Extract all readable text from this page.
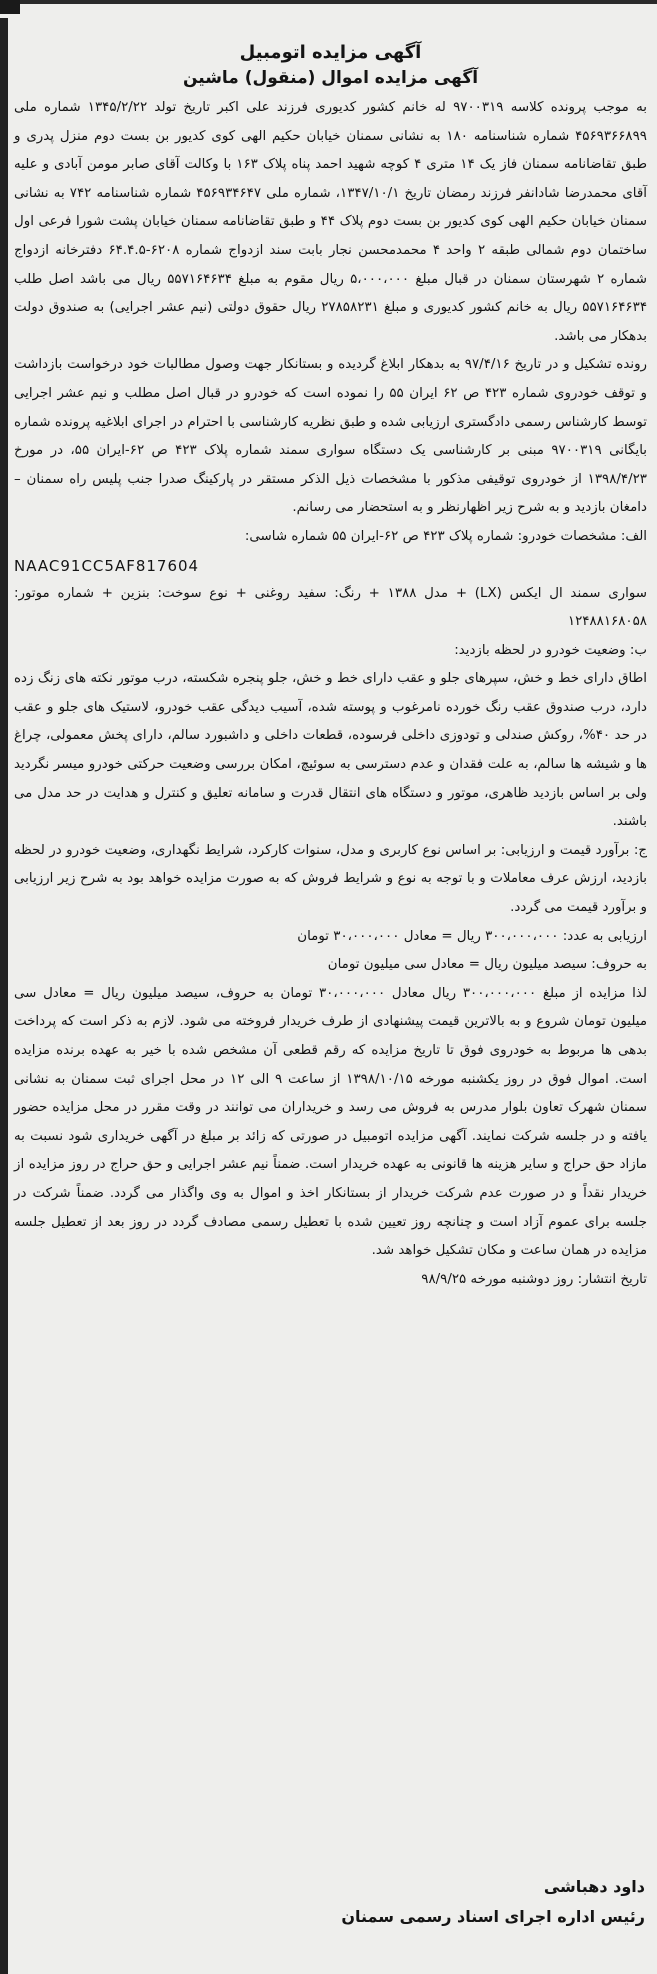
آگهی مزایده اتومبیل

آگهی مزایده اموال (منقول) ماشین

به موجب پرونده کلاسه ۹۷۰۰۳۱۹ له خانم کشور کدیوری فرزند علی اکبر تاریخ تولد ۱۳۴۵/۲/۲۲ شماره ملی ۴۵۶۹۳۶۶۸۹۹ شماره شناسنامه ۱۸۰ به نشانی سمنان خیابان حکیم الهی کوی کدیور بن بست دوم منزل پدری و طبق تقاضانامه سمنان فاز یک ۱۴ متری ۴ کوچه شهید احمد پناه پلاک ۱۶۳ با وکالت آقای صابر مومن آبادی و علیه آقای محمدرضا شادانفر فرزند رمضان تاریخ ۱۳۴۷/۱۰/۱، شماره ملی ۴۵۶۹۳۴۶۴۷ شماره شناسنامه ۷۴۲ به نشانی سمنان خیابان حکیم الهی کوی کدیور بن بست دوم پلاک ۴۴ و طبق تقاضانامه سمنان خیابان پشت شورا فرعی اول ساختمان دوم شمالی طبقه ۲ واحد ۴ محمدمحسن نجار بابت سند ازدواج شماره ۶۲۰۸-۶۴.۴.۵ دفترخانه ازدواج شماره ۲ شهرستان سمنان در قبال مبلغ ۵،۰۰۰،۰۰۰ ریال مقوم به مبلغ ۵۵۷۱۶۴۶۳۴ ریال می باشد اصل طلب ۵۵۷۱۶۴۶۳۴ ریال به خانم کشور کدیوری و مبلغ ۲۷۸۵۸۲۳۱ ریال حقوق دولتی (نیم عشر اجرایی) به صندوق دولت بدهکار می باشد.

رونده تشکیل و در تاریخ ۹۷/۴/۱۶ به بدهکار ابلاغ گردیده و بستانکار جهت وصول مطالبات خود درخواست بازداشت و توقف خودروی شماره ۴۲۳ ص ۶۲ ایران ۵۵ را نموده است که خودرو در قبال اصل مطلب و نیم عشر اجرایی توسط کارشناس رسمی دادگستری ارزیابی شده و طبق نظریه کارشناسی با احترام در اجرای ابلاغیه پرونده شماره بایگانی ۹۷۰۰۳۱۹ مبنی بر کارشناسی یک دستگاه سواری سمند شماره پلاک ۴۲۳ ص ۶۲-ایران ۵۵، در مورخ ۱۳۹۸/۴/۲۳ از خودروی توقیفی مذکور با مشخصات ذیل الذکر مستقر در پارکینگ صدرا جنب پلیس راه سمنان – دامغان بازدید و به شرح زیر اظهارنظر و به استحضار می رسانم.

الف: مشخصات خودرو: شماره پلاک ۴۲۳ ص ۶۲-ایران ۵۵ شماره شاسی:

NAAC91CC5AF817604

سواری سمند ال ایکس (LX) + مدل ۱۳۸۸ + رنگ: سفید روغنی + نوع سوخت: بنزین + شماره موتور: ۱۲۴۸۸۱۶۸۰۵۸

ب: وضعیت خودرو در لحظه بازدید:

اطاق دارای خط و خش، سپرهای جلو و عقب دارای خط و خش، جلو پنجره شکسته، درب موتور نکته های زنگ زده دارد، درب صندوق عقب رنگ خورده نامرغوب و پوسته شده، آسیب دیدگی عقب خودرو، لاستیک های جلو و عقب در حد ۴۰%، روکش صندلی و تودوزی داخلی فرسوده، قطعات داخلی و داشبورد سالم، دارای پخش معمولی، چراغ ها و شیشه ها سالم، به علت فقدان و عدم دسترسی به سوئیچ، امکان بررسی وضعیت حرکتی خودرو میسر نگردید ولی بر اساس بازدید ظاهری، موتور و دستگاه های انتقال قدرت و سامانه تعلیق و کنترل و هدایت در حد مدل می باشند.

ج: برآورد قیمت و ارزیابی: بر اساس نوع کاربری و مدل، سنوات کارکرد، شرایط نگهداری، وضعیت خودرو در لحظه بازدید، ارزش عرف معاملات و با توجه به نوع و شرایط فروش که به صورت مزایده خواهد بود به شرح زیر ارزیابی و برآورد قیمت می گردد.

ارزیابی به عدد: ۳۰۰،۰۰۰،۰۰۰ ریال = معادل ۳۰،۰۰۰،۰۰۰ تومان

به حروف: سیصد میلیون ریال = معادل سی میلیون تومان

لذا مزایده از مبلغ ۳۰۰،۰۰۰،۰۰۰ ریال معادل ۳۰،۰۰۰،۰۰۰ تومان به حروف، سیصد میلیون ریال = معادل سی میلیون تومان شروع و به بالاترین قیمت پیشنهادی از طرف خریدار فروخته می شود. لازم به ذکر است که پرداخت بدهی ها مربوط به خودروی فوق تا تاریخ مزایده که رقم قطعی آن مشخص شده با خیر به عهده برنده مزایده است. اموال فوق در روز یکشنبه مورخه ۱۳۹۸/۱۰/۱۵ از ساعت ۹ الی ۱۲ در محل اجرای ثبت سمنان به نشانی سمنان شهرک تعاون بلوار مدرس به فروش می رسد و خریداران می توانند در وقت مقرر در محل مزایده حضور یافته و در جلسه شرکت نمایند. آگهی مزایده اتومبیل در صورتی که زائد بر مبلغ در آگهی خریداری شود نسبت به مازاد حق حراج و سایر هزینه ها قانونی به عهده خریدار است. ضمناً نیم عشر اجرایی و حق حراج در روز مزایده از خریدار نقداً و در صورت عدم شرکت خریدار از بستانکار اخذ و اموال به وی واگذار می گردد. ضمناً شرکت در جلسه برای عموم آزاد است و چنانچه روز تعیین شده با تعطیل رسمی مصادف گردد در روز بعد از تعطیل جلسه مزایده در همان ساعت و مکان تشکیل خواهد شد.

تاریخ انتشار: روز دوشنبه مورخه ۹۸/۹/۲۵

داود دهباشی

رئیس اداره اجرای اسناد رسمی سمنان
